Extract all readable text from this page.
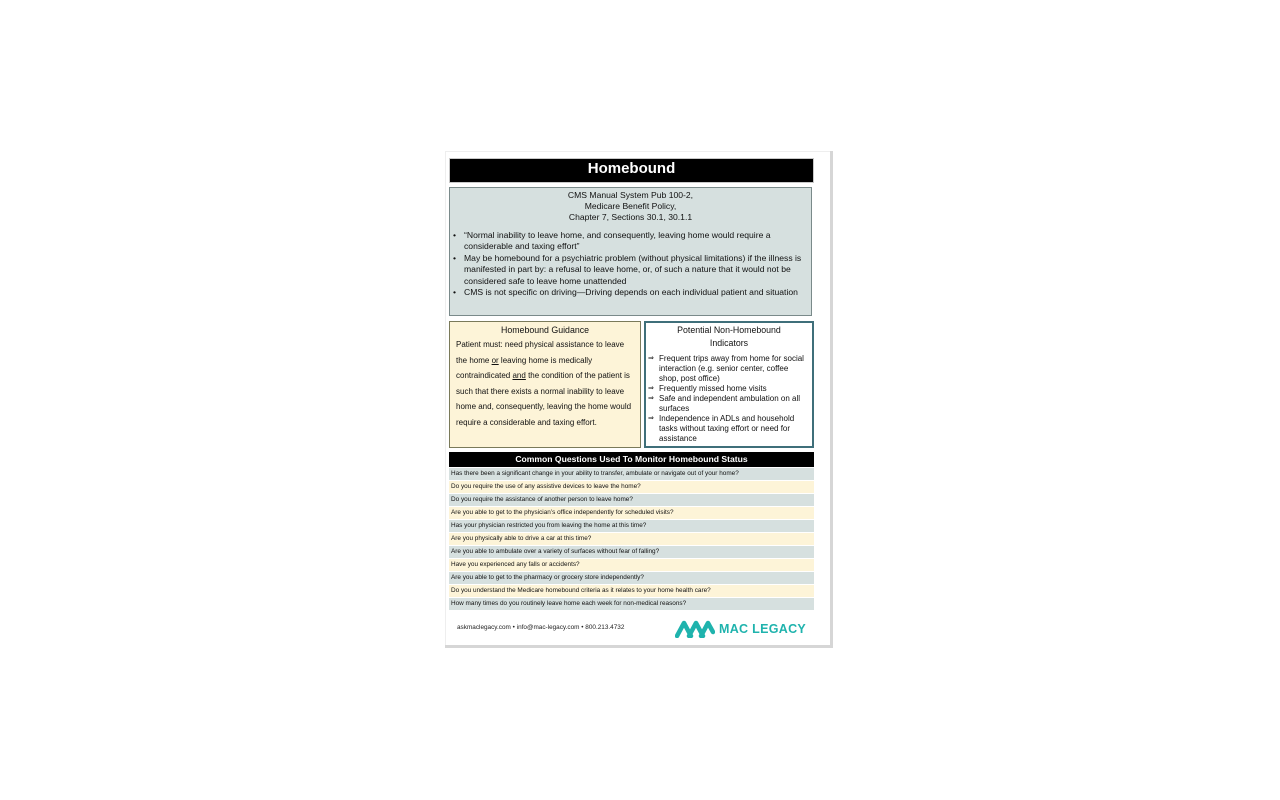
Homebound
CMS Manual System Pub 100-2,
Medicare Benefit Policy,
Chapter 7, Sections 30.1, 30.1.1
• “Normal inability to leave home, and consequently, leaving home would require a considerable and taxing effort”
• May be homebound for a psychiatric problem (without physical limitations) if the illness is manifested in part by: a refusal to leave home, or, of such a nature that it would not be considered safe to leave home unattended
• CMS is not specific on driving—Driving depends on each individual patient and situation
Homebound Guidance
Patient must: need physical assistance to leave the home or leaving home is medically contraindicated and the condition of the patient is such that there exists a normal inability to leave home and, consequently, leaving the home would require a considerable and taxing effort.
Potential Non-Homebound
Indicators
⇒ Frequent trips away from home for social interaction (e.g. senior center, coffee shop, post office)
⇒ Frequently missed home visits
⇒ Safe and independent ambulation on all surfaces
⇒ Independence in ADLs and household tasks without taxing effort or need for assistance
Common Questions Used To Monitor Homebound Status
Has there been a significant change in your ability to transfer, ambulate or navigate out of your home?
Do you require the use of any assistive devices to leave the home?
Do you require the assistance of another person to leave home?
Are you able to get to the physician’s office independently for scheduled visits?
Has your physician restricted you from leaving the home at this time?
Are you physically able to drive a car at this time?
Are you able to ambulate over a variety of surfaces without fear of falling?
Have you experienced any falls or accidents?
Are you able to get to the pharmacy or grocery store independently?
Do you understand the Medicare homebound criteria as it relates to your home health care?
How many times do you routinely leave home each week for non-medical reasons?
askmaclegacy.com • info@mac-legacy.com • 800.213.4732	MAC LEGACY
